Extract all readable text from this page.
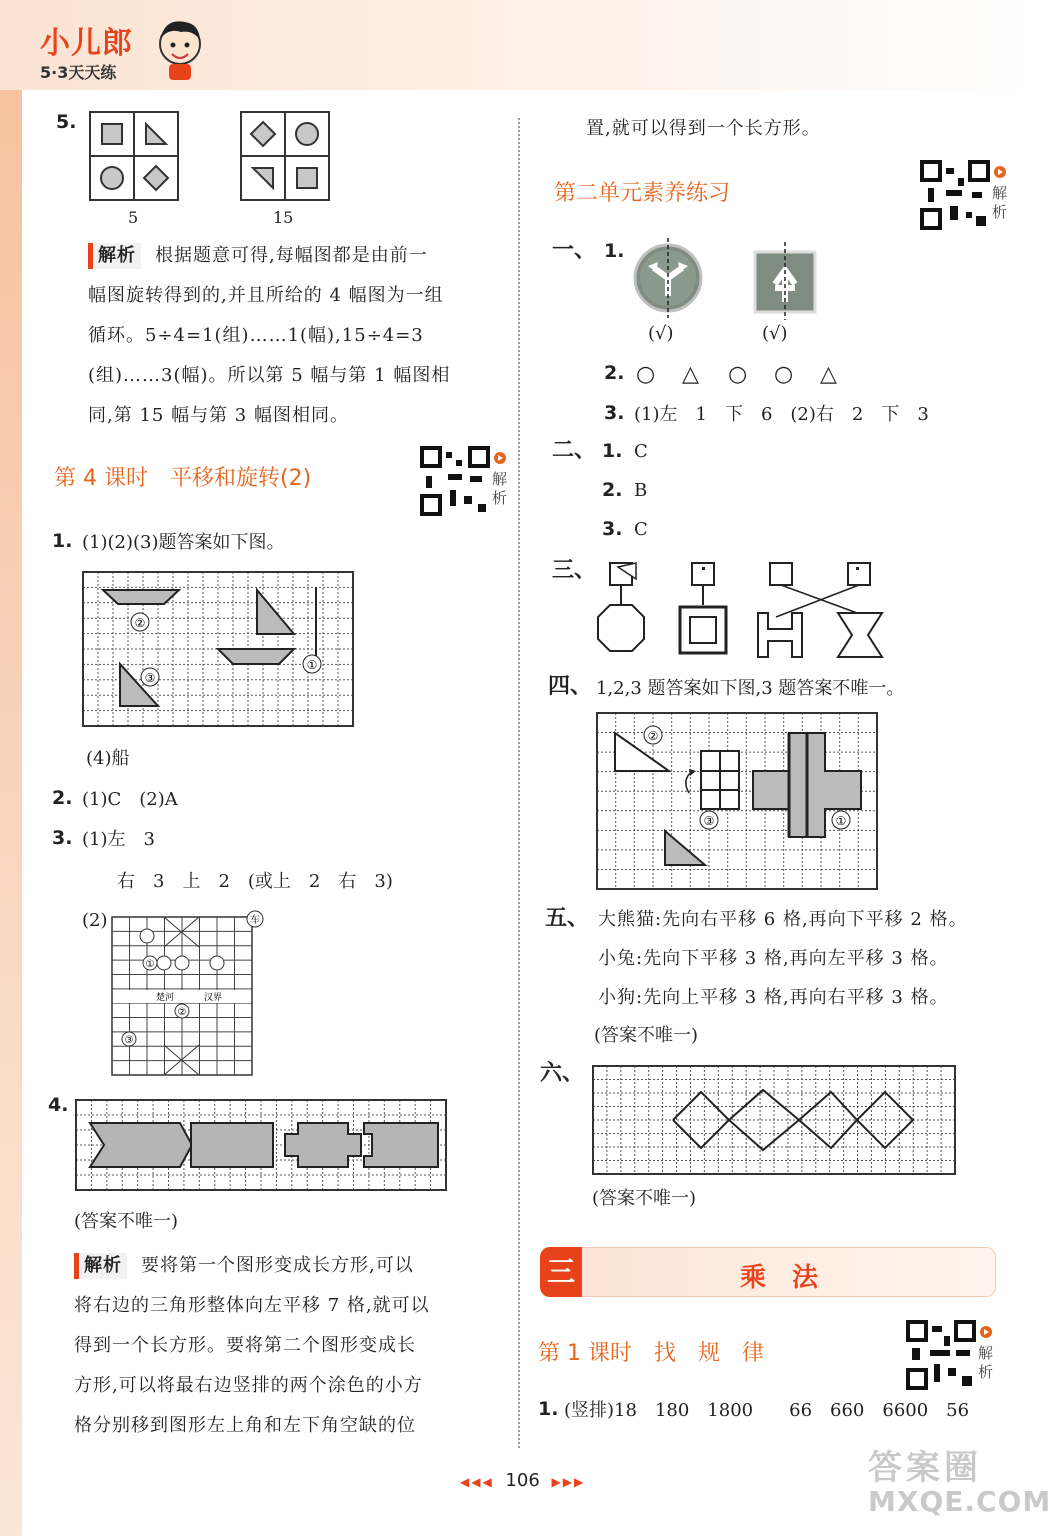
小儿郎
5·3天天练
5.
5	15
解析 根据题意可得,每幅图都是由前一
幅图旋转得到的,并且所给的 4 幅图为一组
循环。5÷4=1(组)……1(幅),15÷4=3
(组)……3(幅)。所以第 5 幅与第 1 幅图相
同,第 15 幅与第 3 幅图相同。
第 4 课时　平移和旋转(2)	解
析
1. (1)(2)(3)题答案如下图。
②
③
①
(4)船
2. (1)C　(2)A
3. (1)左　3
右　3　上　2　(或上　2　右　3)
(2)
楚河	汉界
②
①
③
车
4.
(答案不唯一)
解析 要将第一个图形变成长方形,可以
将右边的三角形整体向左平移 7 格,就可以
得到一个长方形。要将第二个图形变成长
方形,可以将最右边竖排的两个涂色的小方
格分别移到图形左上角和左下角空缺的位
置,就可以得到一个长方形。
第二单元素养练习	解
析
一、 1.
(√)	(√)
2. ○ △ ○ ○ △
3. (1)左　1　下　6　(2)右　2　下　3
二、 1. C
2. B
3. C
三、
四、 1,2,3 题答案如下图,3 题答案不唯一。
②
③	①
五、 大熊猫:先向右平移 6 格,再向下平移 2 格。
小兔:先向下平移 3 格,再向左平移 3 格。
小狗:先向上平移 3 格,再向右平移 3 格。
(答案不唯一)
六、
(答案不唯一)
三	乘法
第 1 课时　找　规　律	解
析
1. (竖排)18　180　1800　　66　660　6600　56
◀◀◀ 106 ▶▶▶	答案圈
MXQE.COM
